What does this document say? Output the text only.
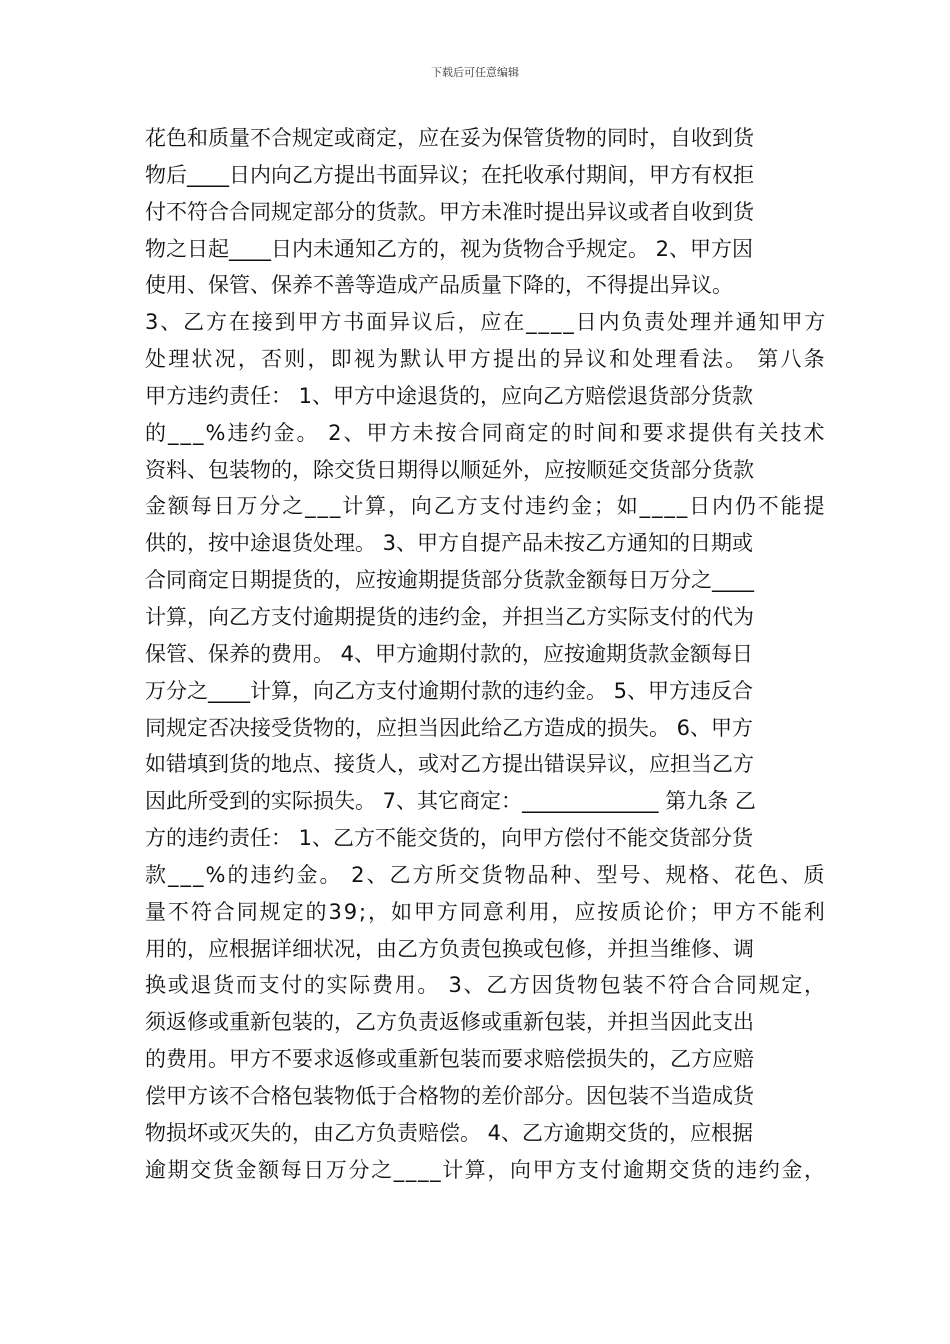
下载后可任意编辑
花色和质量不合规定或商定，应在妥为保管货物的同时，自收到货
物后____日内向乙方提出书面异议；在托收承付期间，甲方有权拒
付不符合合同规定部分的货款。甲方未准时提出异议或者自收到货
物之日起____日内未通知乙方的，视为货物合乎规定。 2、甲方因
使用、保管、保养不善等造成产品质量下降的，不得提出异议。
3、乙方在接到甲方书面异议后，应在____日内负责处理并通知甲方
处理状况，否则，即视为默认甲方提出的异议和处理看法。 第八条
甲方违约责任： 1、甲方中途退货的，应向乙方赔偿退货部分货款
的___%违约金。 2、甲方未按合同商定的时间和要求提供有关技术
资料、包装物的，除交货日期得以顺延外，应按顺延交货部分货款
金额每日万分之___计算，向乙方支付违约金；如____日内仍不能提
供的，按中途退货处理。 3、甲方自提产品未按乙方通知的日期或
合同商定日期提货的，应按逾期提货部分货款金额每日万分之____
计算，向乙方支付逾期提货的违约金，并担当乙方实际支付的代为
保管、保养的费用。 4、甲方逾期付款的，应按逾期货款金额每日
万分之____计算，向乙方支付逾期付款的违约金。 5、甲方违反合
同规定否决接受货物的，应担当因此给乙方造成的损失。 6、甲方
如错填到货的地点、接货人，或对乙方提出错误异议，应担当乙方
因此所受到的实际损失。 7、其它商定：_____________ 第九条 乙
方的违约责任： 1、乙方不能交货的，向甲方偿付不能交货部分货
款___%的违约金。 2、乙方所交货物品种、型号、规格、花色、质
量不符合同规定的39;，如甲方同意利用，应按质论价；甲方不能利
用的，应根据详细状况，由乙方负责包换或包修，并担当维修、调
换或退货而支付的实际费用。 3、乙方因货物包装不符合合同规定，
须返修或重新包装的，乙方负责返修或重新包装，并担当因此支出
的费用。甲方不要求返修或重新包装而要求赔偿损失的，乙方应赔
偿甲方该不合格包装物低于合格物的差价部分。因包装不当造成货
物损坏或灭失的，由乙方负责赔偿。 4、乙方逾期交货的，应根据
逾期交货金额每日万分之____计算，向甲方支付逾期交货的违约金，
